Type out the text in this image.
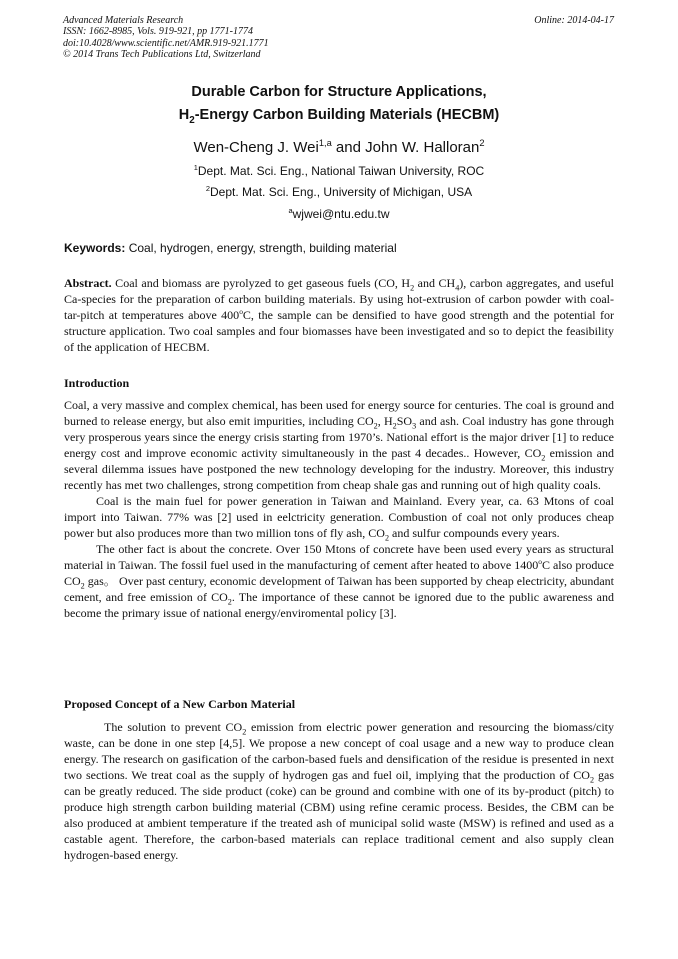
Advanced Materials Research
ISSN: 1662-8985, Vols. 919-921, pp 1771-1774
doi:10.4028/www.scientific.net/AMR.919-921.1771
© 2014 Trans Tech Publications Ltd, Switzerland
Online: 2014-04-17
Durable Carbon for Structure Applications,
$H_2$-Energy Carbon Building Materials (HECBM)
Wen-Cheng J. Wei$^{1,a}$ and John W. Halloran$^2$
$^1$Dept. Mat. Sci. Eng., National Taiwan University, ROC
$^2$Dept. Mat. Sci. Eng., University of Michigan, USA
$^a$wjwei@ntu.edu.tw
Keywords: Coal, hydrogen, energy, strength, building material

Abstract. Coal and biomass are pyrolyzed to get gaseous fuels (CO, $H_2$ and $CH_4$), carbon aggregates, and useful Ca-species for the preparation of carbon building materials. By using hot-extrusion of carbon powder with coal-tar-pitch at temperatures above 400$^o$C, the sample can be densified to have good strength and the potential for structure application. Two coal samples and four biomasses have been investigated and so to depict the feasibility of the application of HECBM.

Introduction

Coal, a very massive and complex chemical, has been used for energy source for centuries. The coal is ground and burned to release energy, but also emit impurities, including $CO_2$, $H_2SO_3$ and ash. Coal industry has gone through very prosperous years since the energy crisis starting from 1970’s. National effort is the major driver [1] to reduce energy cost and improve economic activity simultaneously in the past 4 decades.. However, $CO_2$ emission and several dilemma issues have postponed the new technology developing for the industry. Moreover, this industry recently has met two challenges, strong competition from cheap shale gas and running out of high quality coals.

Coal is the main fuel for power generation in Taiwan and Mainland. Every year, ca. 63 Mtons of coal import into Taiwan. 77% was [2] used in eelctricity generation. Combustion of coal not only produces cheap power but also produces more than two million tons of fly ash, $CO_2$ and sulfur compounds every years.

The other fact is about the concrete. Over 150 Mtons of concrete have been used every years as structural material in Taiwan. The fossil fuel used in the manufacturing of cement after heated to above 1400$^o$C also produce $CO_2$ gas。 Over past century, economic development of Taiwan has been supported by cheap electricity, abundant cement, and free emission of $CO_2$. The importance of these cannot be ignored due to the public awareness and become the primary issue of national energy/enviromental policy [3].

Proposed Concept of a New Carbon Material

The solution to prevent $CO_2$ emission from electric power generation and resourcing the biomass/city waste, can be done in one step [4,5]. We propose a new concept of coal usage and a new way to produce clean energy. The research on gasification of the carbon-based fuels and densification of the residue is presented in next two sections. We treat coal as the supply of hydrogen gas and fuel oil, implying that the production of $CO_2$ gas can be greatly reduced. The side product (coke) can be ground and combine with one of its by-product (pitch) to produce high strength carbon building material (CBM) using refine ceramic process. Besides, the CBM can be also produced at ambient temperature if the treated ash of municipal solid waste (MSW) is refined and used as a castable agent. Therefore, the carbon-based materials can replace traditional cement and also supply clean hydrogen-based energy.
